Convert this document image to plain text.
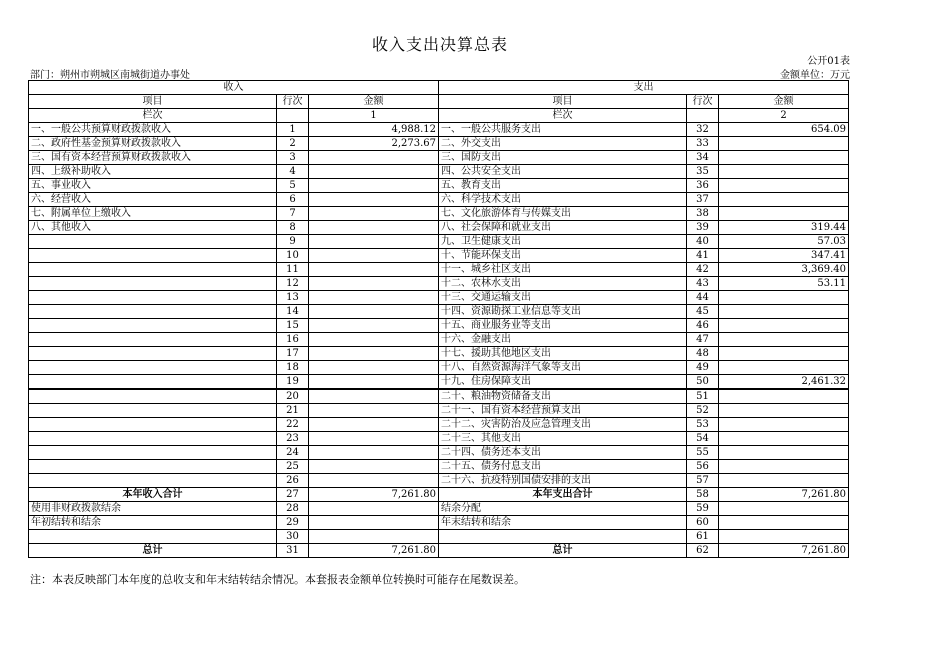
收入支出决算总表
公开01表
部门：朔州市朔城区南城街道办事处	金额单位：万元
收入			支出		
项目	行次	金额	项目	行次	金额
栏次		1	栏次		2
一、一般公共预算财政拨款收入	1	4,988.12	一、一般公共服务支出	32	654.09
二、政府性基金预算财政拨款收入	2	2,273.67	二、外交支出	33	
三、国有资本经营预算财政拨款收入	3		三、国防支出	34	
四、上级补助收入	4		四、公共安全支出	35	
五、事业收入	5		五、教育支出	36	
六、经营收入	6		六、科学技术支出	37	
七、附属单位上缴收入	7		七、文化旅游体育与传媒支出	38	
八、其他收入	8		八、社会保障和就业支出	39	319.44
	9		九、卫生健康支出	40	57.03
	10		十、节能环保支出	41	347.41
	11		十一、城乡社区支出	42	3,369.40
	12		十二、农林水支出	43	53.11
	13		十三、交通运输支出	44	
	14		十四、资源勘探工业信息等支出	45	
	15		十五、商业服务业等支出	46	
	16		十六、金融支出	47	
	17		十七、援助其他地区支出	48	
	18		十八、自然资源海洋气象等支出	49	
	19		十九、住房保障支出	50	2,461.32
	20		二十、粮油物资储备支出	51	
	21		二十一、国有资本经营预算支出	52	
	22		二十二、灾害防治及应急管理支出	53	
	23		二十三、其他支出	54	
	24		二十四、债务还本支出	55	
	25		二十五、债务付息支出	56	
	26		二十六、抗疫特别国债安排的支出	57	
本年收入合计	27	7,261.80	本年支出合计	58	7,261.80
使用非财政拨款结余	28		结余分配	59	
年初结转和结余	29		年末结转和结余	60	
	30			61	
总计	31	7,261.80	总计	62	7,261.80
注：本表反映部门本年度的总收支和年末结转结余情况。本套报表金额单位转换时可能存在尾数误差。
